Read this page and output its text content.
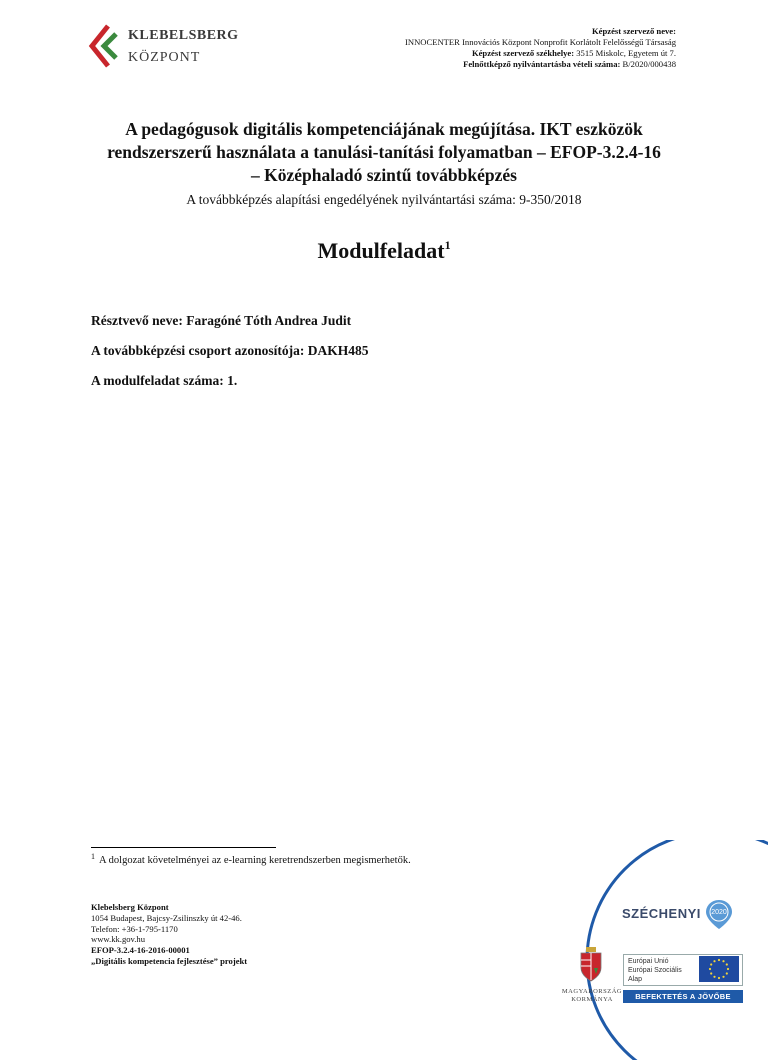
KLEBELSBERG
KÖZPONT
Képzést szervező neve:
INNOCENTER Innovációs Központ Nonprofit Korlátolt Felelősségű Társaság
Képzést szervező székhelye: 3515 Miskolc, Egyetem út 7.
Felnőttképző nyilvántartásba vételi száma: B/2020/000438
A pedagógusok digitális kompetenciájának megújítása. IKT eszközök
rendszerszerű használata a tanulási-tanítási folyamatban – EFOP-3.2.4-16
– Középhaladó szintű továbbképzés
A továbbképzés alapítási engedélyének nyilvántartási száma: 9-350/2018
Modulfeladat$^1$
Résztvevő neve: Faragóné Tóth Andrea Judit
A továbbképzési csoport azonosítója: DAKH485
A modulfeladat száma: 1.
$^1$ A dolgozat követelményei az e-learning keretrendszerben megismerhetők.
Klebelsberg Központ
1054 Budapest, Bajcsy-Zsilinszky út 42-46.
Telefon: +36-1-795-1170
www.kk.gov.hu
EFOP-3.2.4-16-2016-00001
„Digitális kompetencia fejlesztése” projekt
SZÉCHENYI	2020
MAGYARORSZÁG
KORMÁNYA
Európai Unió
Európai Szociális
Alap
BEFEKTETÉS A JÖVŐBE
